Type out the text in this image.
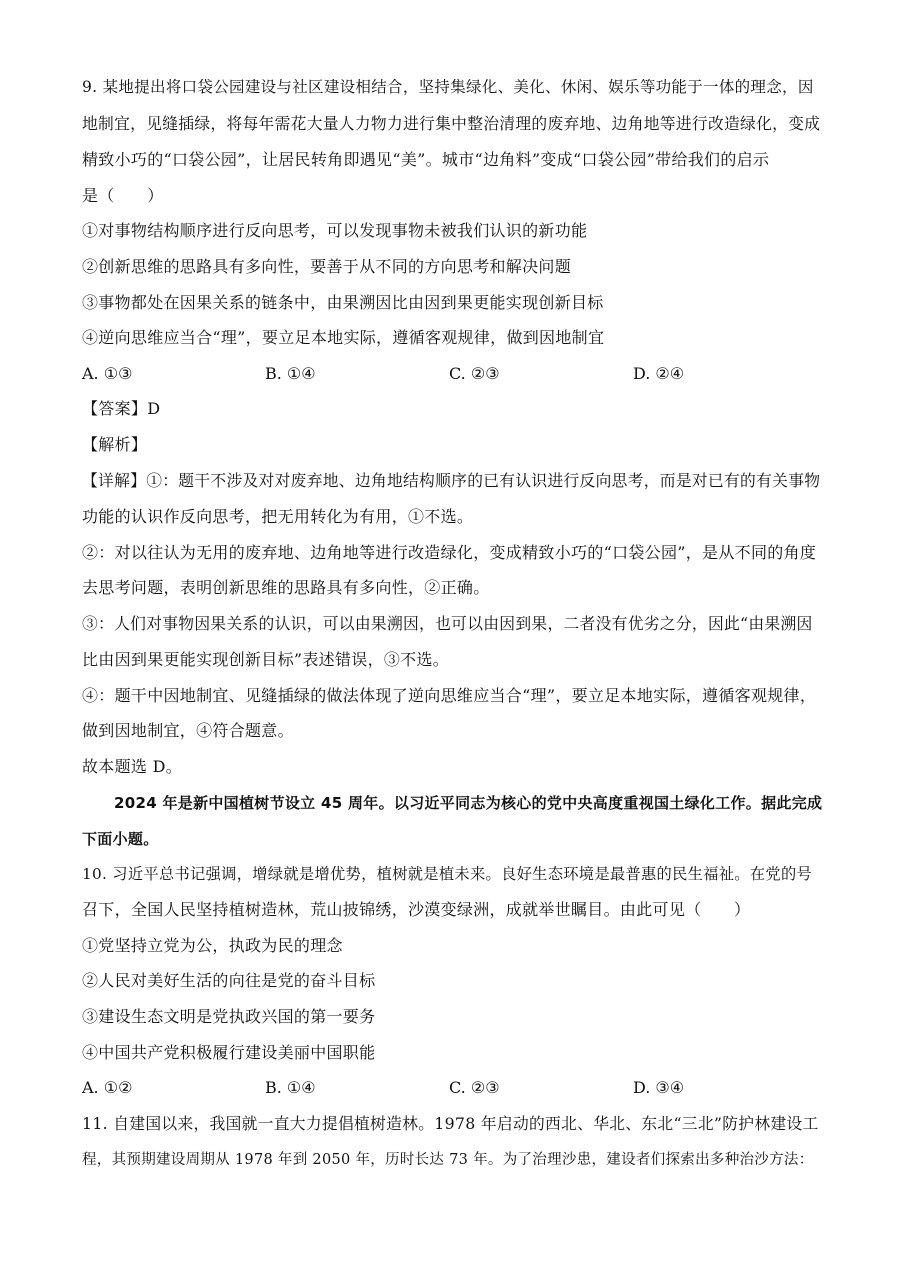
9. 某地提出将口袋公园建设与社区建设相结合，坚持集绿化、美化、休闲、娱乐等功能于一体的理念，因
地制宜，见缝插绿，将每年需花大量人力物力进行集中整治清理的废弃地、边角地等进行改造绿化，变成
精致小巧的“口袋公园”，让居民转角即遇见“美”。城市“边角料”变成“口袋公园”带给我们的启示
是（　　）
①对事物结构顺序进行反向思考，可以发现事物未被我们认识的新功能
②创新思维的思路具有多向性，要善于从不同的方向思考和解决问题
③事物都处在因果关系的链条中，由果溯因比由因到果更能实现创新目标
④逆向思维应当合“理”，要立足本地实际，遵循客观规律，做到因地制宜
A. ①③	B. ①④	C. ②③	D. ②④
【答案】D
【解析】
【详解】①：题干不涉及对对废弃地、边角地结构顺序的已有认识进行反向思考，而是对已有的有关事物
功能的认识作反向思考，把无用转化为有用，①不选。
②：对以往认为无用的废弃地、边角地等进行改造绿化，变成精致小巧的“口袋公园”，是从不同的角度
去思考问题，表明创新思维的思路具有多向性，②正确。
③：人们对事物因果关系的认识，可以由果溯因，也可以由因到果，二者没有优劣之分，因此“由果溯因
比由因到果更能实现创新目标”表述错误，③不选。
④：题干中因地制宜、见缝插绿的做法体现了逆向思维应当合“理”，要立足本地实际，遵循客观规律，
做到因地制宜，④符合题意。
故本题选 D。
2024 年是新中国植树节设立 45 周年。以习近平同志为核心的党中央高度重视国土绿化工作。据此完成
下面小题。
10. 习近平总书记强调，增绿就是增优势，植树就是植未来。良好生态环境是最普惠的民生福祉。在党的号
召下，全国人民坚持植树造林，荒山披锦绣，沙漠变绿洲，成就举世瞩目。由此可见（　　）
①党坚持立党为公，执政为民的理念
②人民对美好生活的向往是党的奋斗目标
③建设生态文明是党执政兴国的第一要务
④中国共产党积极履行建设美丽中国职能
A. ①②	B. ①④	C. ②③	D. ③④
11. 自建国以来，我国就一直大力提倡植树造林。1978 年启动的西北、华北、东北“三北”防护林建设工
程，其预期建设周期从 1978 年到 2050 年，历时长达 73 年。为了治理沙患，建设者们探索出多种治沙方法：
